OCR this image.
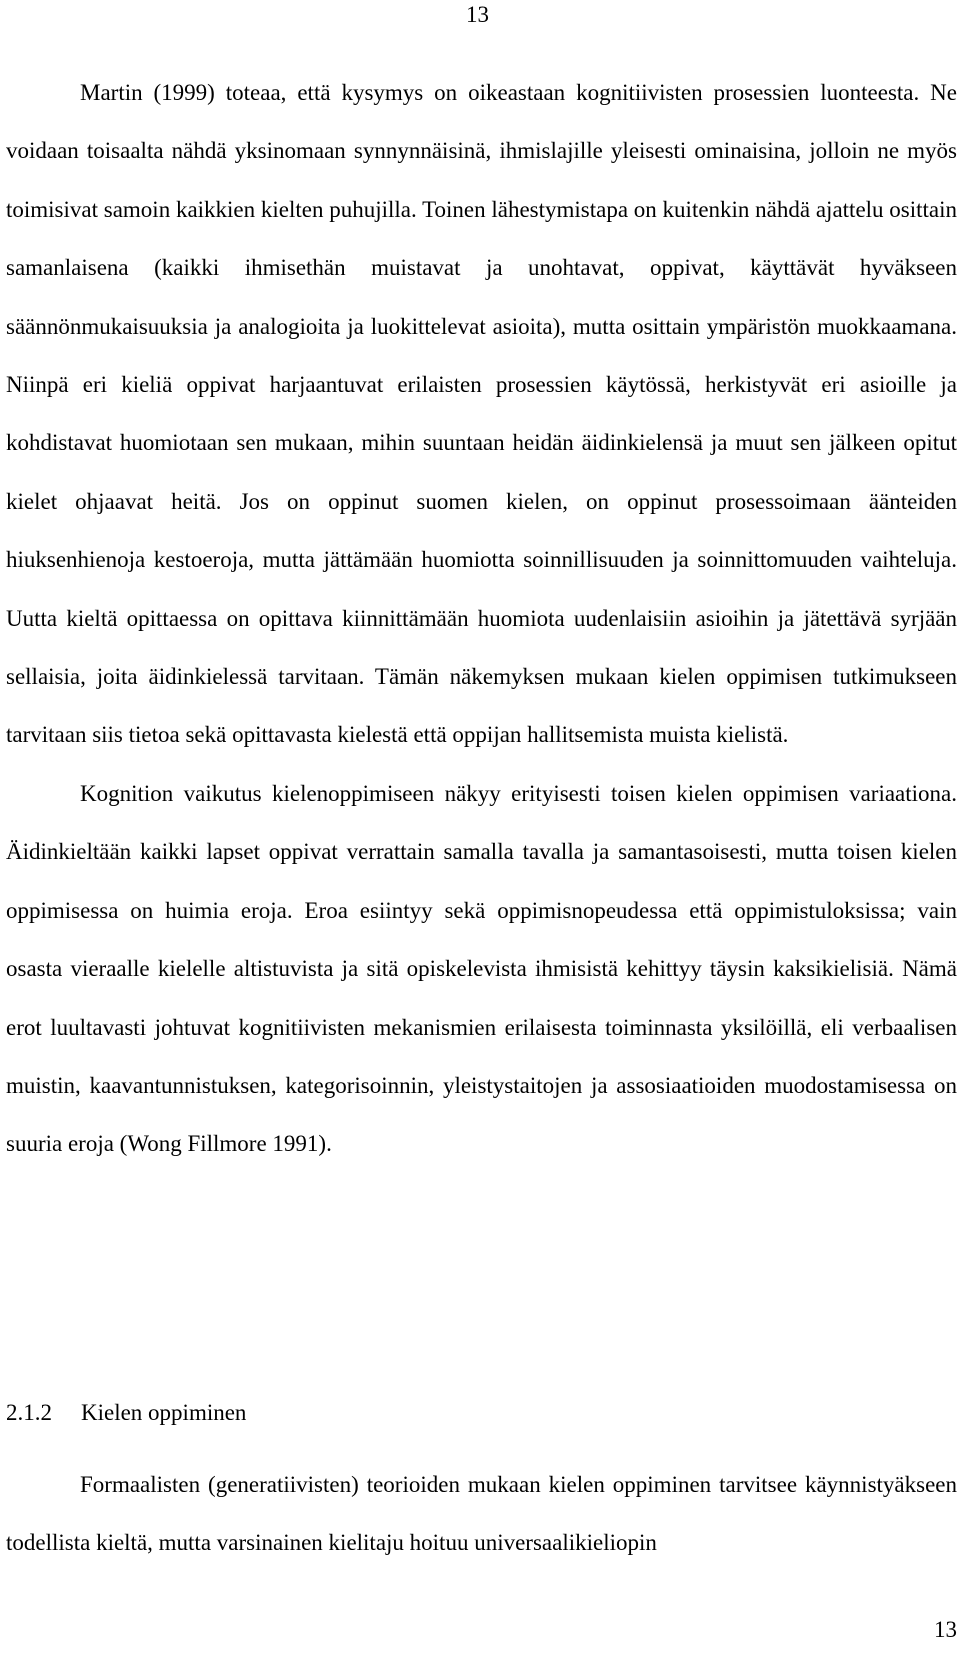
13

Martin (1999) toteaa, että kysymys on oikeastaan kognitiivisten prosessien luonteesta. Ne voidaan toisaalta nähdä yksinomaan synnynnäisinä, ihmislajille yleisesti ominaisina, jolloin ne myös toimisivat samoin kaikkien kielten puhujilla. Toinen lähestymistapa on kuitenkin nähdä ajattelu osittain samanlaisena (kaikki ihmisethän muistavat ja unohtavat, oppivat, käyttävät hyväkseen säännönmukaisuuksia ja analogioita ja luokittelevat asioita), mutta osittain ympäristön muokkaamana. Niinpä eri kieliä oppivat harjaantuvat erilaisten prosessien käytössä, herkistyvät eri asioille ja kohdistavat huomiotaan sen mukaan, mihin suuntaan heidän äidinkielensä ja muut sen jälkeen opitut kielet ohjaavat heitä. Jos on oppinut suomen kielen, on oppinut prosessoimaan äänteiden hiuksenhienoja kestoeroja, mutta jättämään huomiotta soinnillisuuden ja soinnittomuuden vaihteluja. Uutta kieltä opittaessa on opittava kiinnittämään huomiota uudenlaisiin asioihin ja jätettävä syrjään sellaisia, joita äidinkielessä tarvitaan. Tämän näkemyksen mukaan kielen oppimisen tutkimukseen tarvitaan siis tietoa sekä opittavasta kielestä että oppijan hallitsemista muista kielistä.

Kognition vaikutus kielenoppimiseen näkyy erityisesti toisen kielen oppimisen variaationa. Äidinkieltään kaikki lapset oppivat verrattain samalla tavalla ja samantasoisesti, mutta toisen kielen oppimisessa on huimia eroja. Eroa esiintyy sekä oppimisnopeudessa että oppimistuloksissa; vain osasta vieraalle kielelle altistuvista ja sitä opiskelevista ihmisistä kehittyy täysin kaksikielisiä. Nämä erot luultavasti johtuvat kognitiivisten mekanismien erilaisesta toiminnasta yksilöillä, eli verbaalisen muistin, kaavantunnistuksen, kategorisoinnin, yleistystaitojen ja assosiaatioiden muodostamisessa on suuria eroja (Wong Fillmore 1991).

2.1.2 Kielen oppiminen

Formaalisten (generatiivisten) teorioiden mukaan kielen oppiminen tarvitsee käynnistyäkseen todellista kieltä, mutta varsinainen kielitaju hoituu universaalikieliopin

13
